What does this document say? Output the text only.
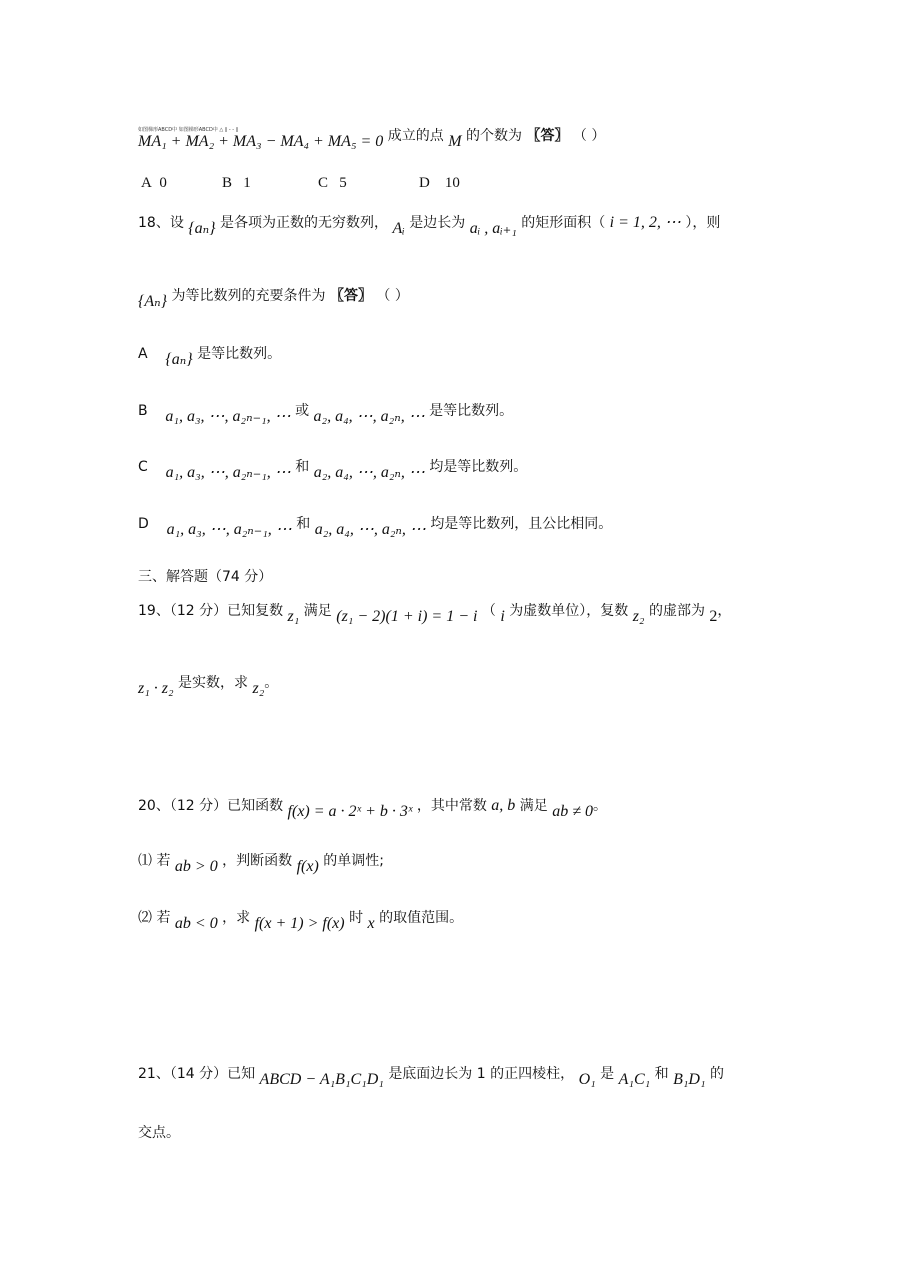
如图梯形ABCD中 如图梯形ABCD中 △ ∥ - - ∥
MA₁ + MA₂ + MA₃ − MA₄ + MA₅ = 0 成立的点 M 的个数为 〖答〗 （ ）
A 0	B 1	C 5	D 10
18、设 {aₙ} 是各项为正数的无穷数列， Aᵢ 是边长为 aᵢ , aᵢ₊₁ 的矩形面积（ i = 1, 2, ⋯ ），则
{Aₙ} 为等比数列的充要条件为 〖答〗 （ ）
A {aₙ} 是等比数列。
B a₁, a₃, ⋯, a₂ₙ₋₁, ⋯ 或 a₂, a₄, ⋯, a₂ₙ, ⋯ 是等比数列。
C a₁, a₃, ⋯, a₂ₙ₋₁, ⋯ 和 a₂, a₄, ⋯, a₂ₙ, ⋯ 均是等比数列。
D a₁, a₃, ⋯, a₂ₙ₋₁, ⋯ 和 a₂, a₄, ⋯, a₂ₙ, ⋯ 均是等比数列，且公比相同。
三、解答题（74 分）
19、（12 分）已知复数 z₁ 满足 (z₁ − 2)(1 + i) = 1 − i （ i 为虚数单位），复数 z₂ 的虚部为 2，
z₁ · z₂ 是实数，求 z₂。
20、（12 分）已知函数 f(x) = a · 2ˣ + b · 3ˣ ，其中常数 a, b 满足 ab ≠ 0。
⑴ 若 ab > 0 ，判断函数 f(x) 的单调性;
⑵ 若 ab < 0 ，求 f(x + 1) > f(x) 时 x 的取值范围。
21、（14 分）已知 ABCD − A₁B₁C₁D₁ 是底面边长为 1 的正四棱柱， O₁ 是 A₁C₁ 和 B₁D₁ 的
交点。
